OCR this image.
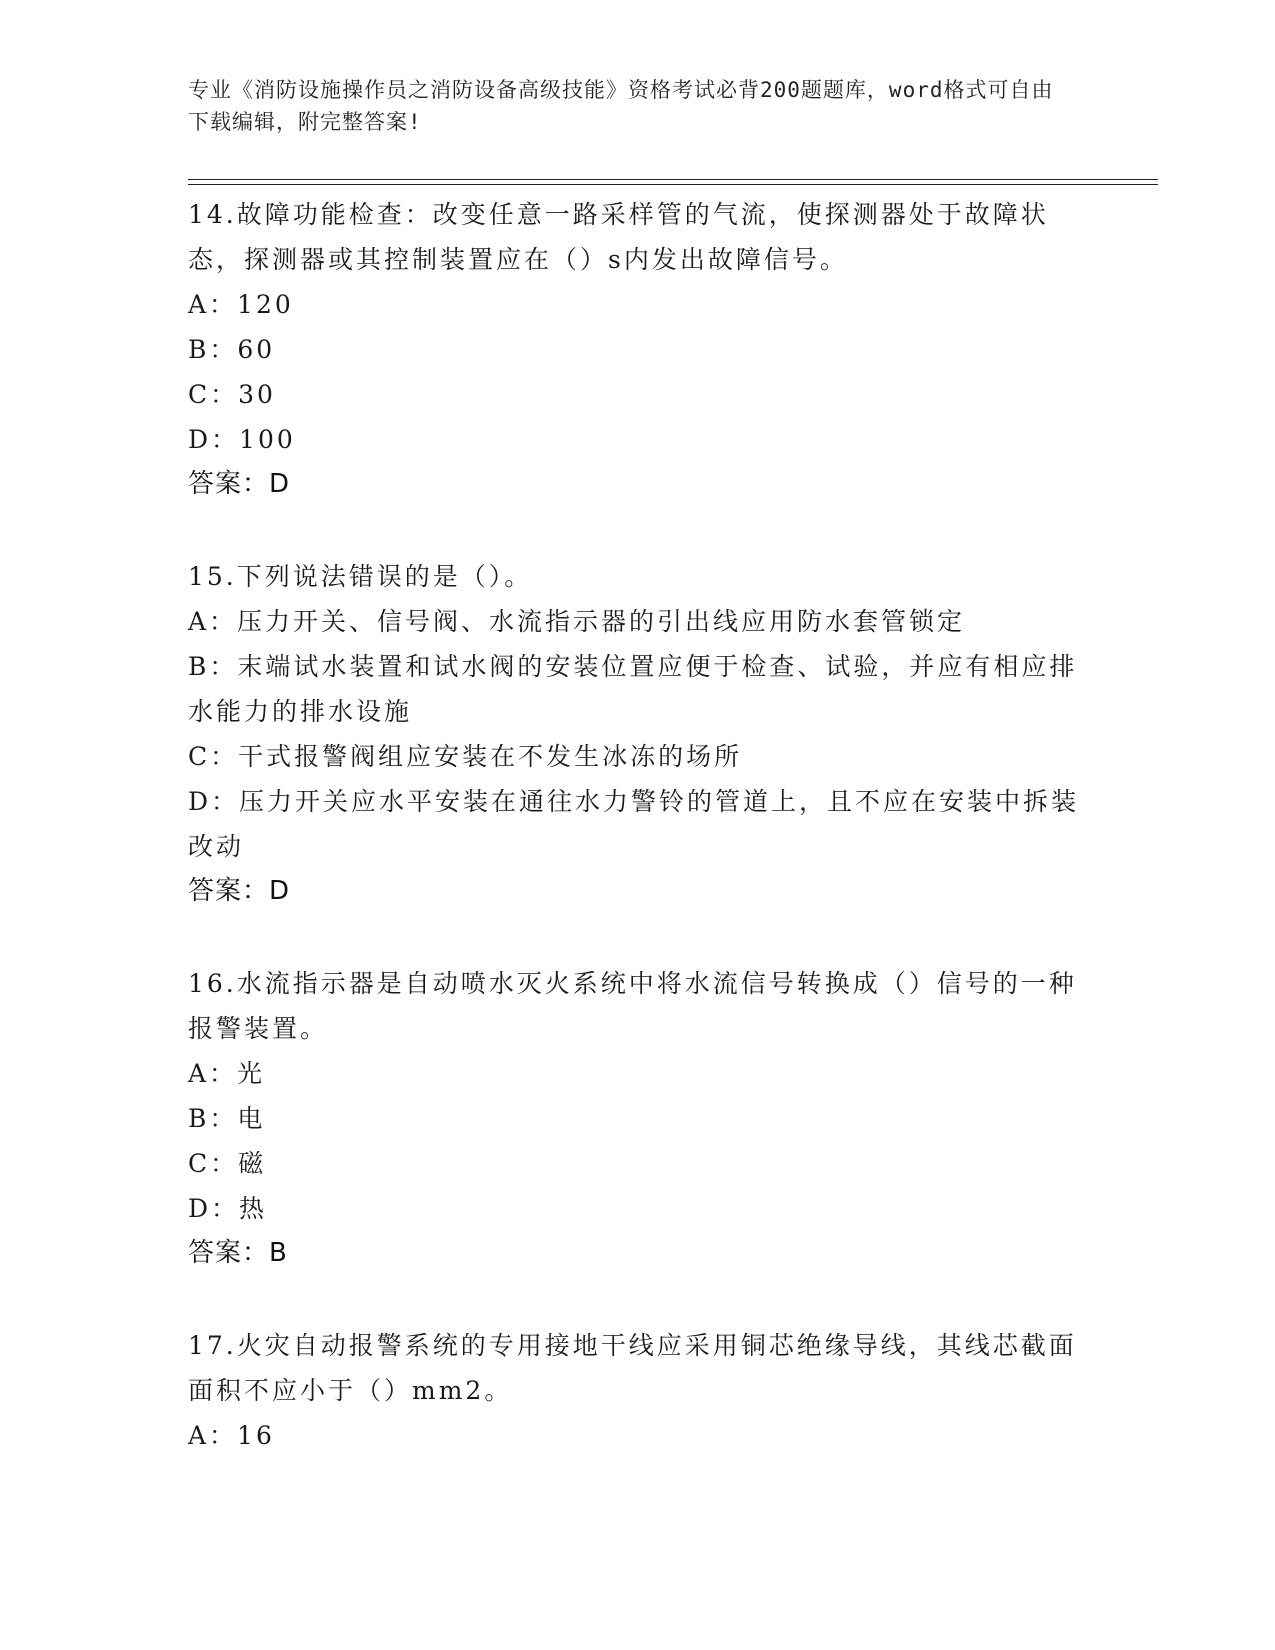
专业《消防设施操作员之消防设备高级技能》资格考试必背200题题库，word格式可自由下载编辑，附完整答案!
14.故障功能检查：改变任意一路采样管的气流，使探测器处于故障状态，探测器或其控制装置应在（）s内发出故障信号。
A：120
B：60
C：30
D：100
答案：D
15.下列说法错误的是（）。
A：压力开关、信号阀、水流指示器的引出线应用防水套管锁定
B：末端试水装置和试水阀的安装位置应便于检查、试验，并应有相应排水能力的排水设施
C：干式报警阀组应安装在不发生冰冻的场所
D：压力开关应水平安装在通往水力警铃的管道上，且不应在安装中拆装改动
答案：D
16.水流指示器是自动喷水灭火系统中将水流信号转换成（）信号的一种报警装置。
A：光
B：电
C：磁
D：热
答案：B
17.火灾自动报警系统的专用接地干线应采用铜芯绝缘导线，其线芯截面面积不应小于（）mm2。
A：16
